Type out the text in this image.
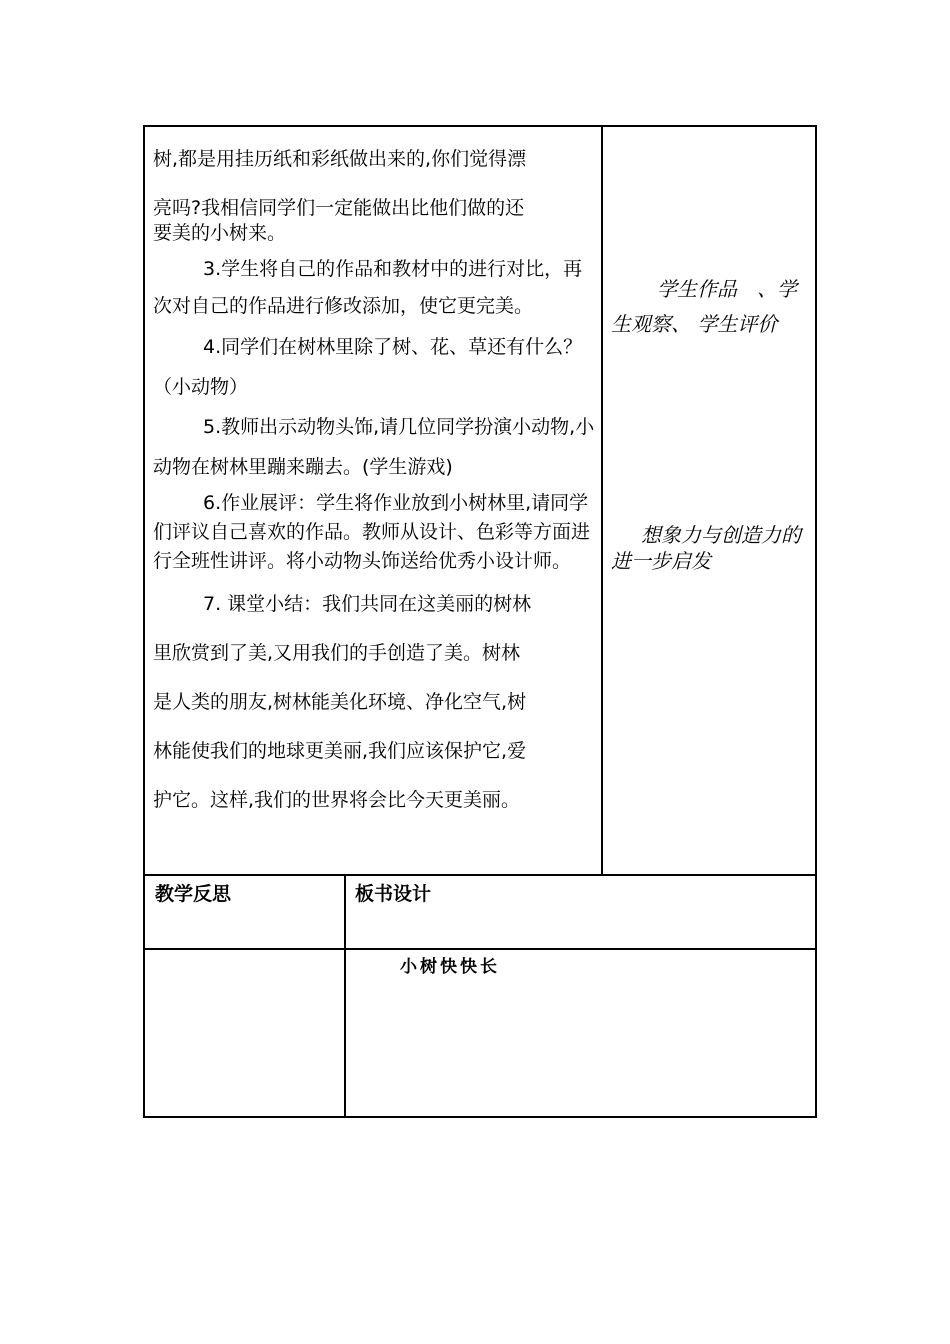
树,都是用挂历纸和彩纸做出来的,你们觉得漂

亮吗?我相信同学们一定能做出比他们做的还

要美的小树来。

3.学生将自己的作品和教材中的进行对比，再次对自己的作品进行修改添加，使它更完美。

4.同学们在树林里除了树、花、草还有什么？（小动物）

5.教师出示动物头饰,请几位同学扮演小动物,小动物在树林里蹦来蹦去。(学生游戏)

6.作业展评：学生将作业放到小树林里,请同学们评议自己喜欢的作品。教师从设计、色彩等方面进行全班性讲评。将小动物头饰送给优秀小设计师。

7. 课堂小结：我们共同在这美丽的树林

里欣赏到了美,又用我们的手创造了美。树林

是人类的朋友,树林能美化环境、净化空气,树

林能使我们的地球更美丽,我们应该保护它,爱

护它。这样,我们的世界将会比今天更美丽。

学生作品　、学生观察、 学生评价
想象力与创造力的进一步启发
教学反思	板书设计
小树快快长
